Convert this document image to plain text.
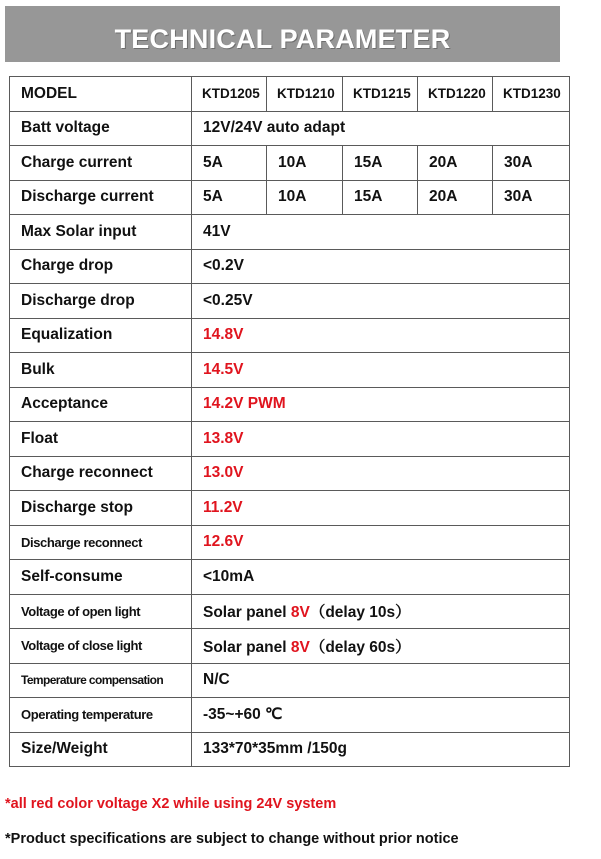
TECHNICAL PARAMETER
MODEL	KTD1205	KTD1210	KTD1215	KTD1220	KTD1230
Batt voltage	12V/24V auto adapt				
Charge current	5A	10A	15A	20A	30A
Discharge current	5A	10A	15A	20A	30A
Max Solar input	41V				
Charge drop	<0.2V				
Discharge drop	<0.25V				
Equalization	14.8V				
Bulk	14.5V				
Acceptance	14.2V PWM				
Float	13.8V				
Charge reconnect	13.0V				
Discharge stop	11.2V				
Discharge reconnect	12.6V				
Self-consume	<10mA				
Voltage of open light	Solar panel 8V（delay 10s）				
Voltage of close light	Solar panel 8V（delay 60s）				
Temperature compensation	N/C				
Operating temperature	-35~+60 ℃				
Size/Weight	133*70*35mm /150g				
*all red color voltage X2 while using 24V system
*Product specifications are subject to change without prior notice
